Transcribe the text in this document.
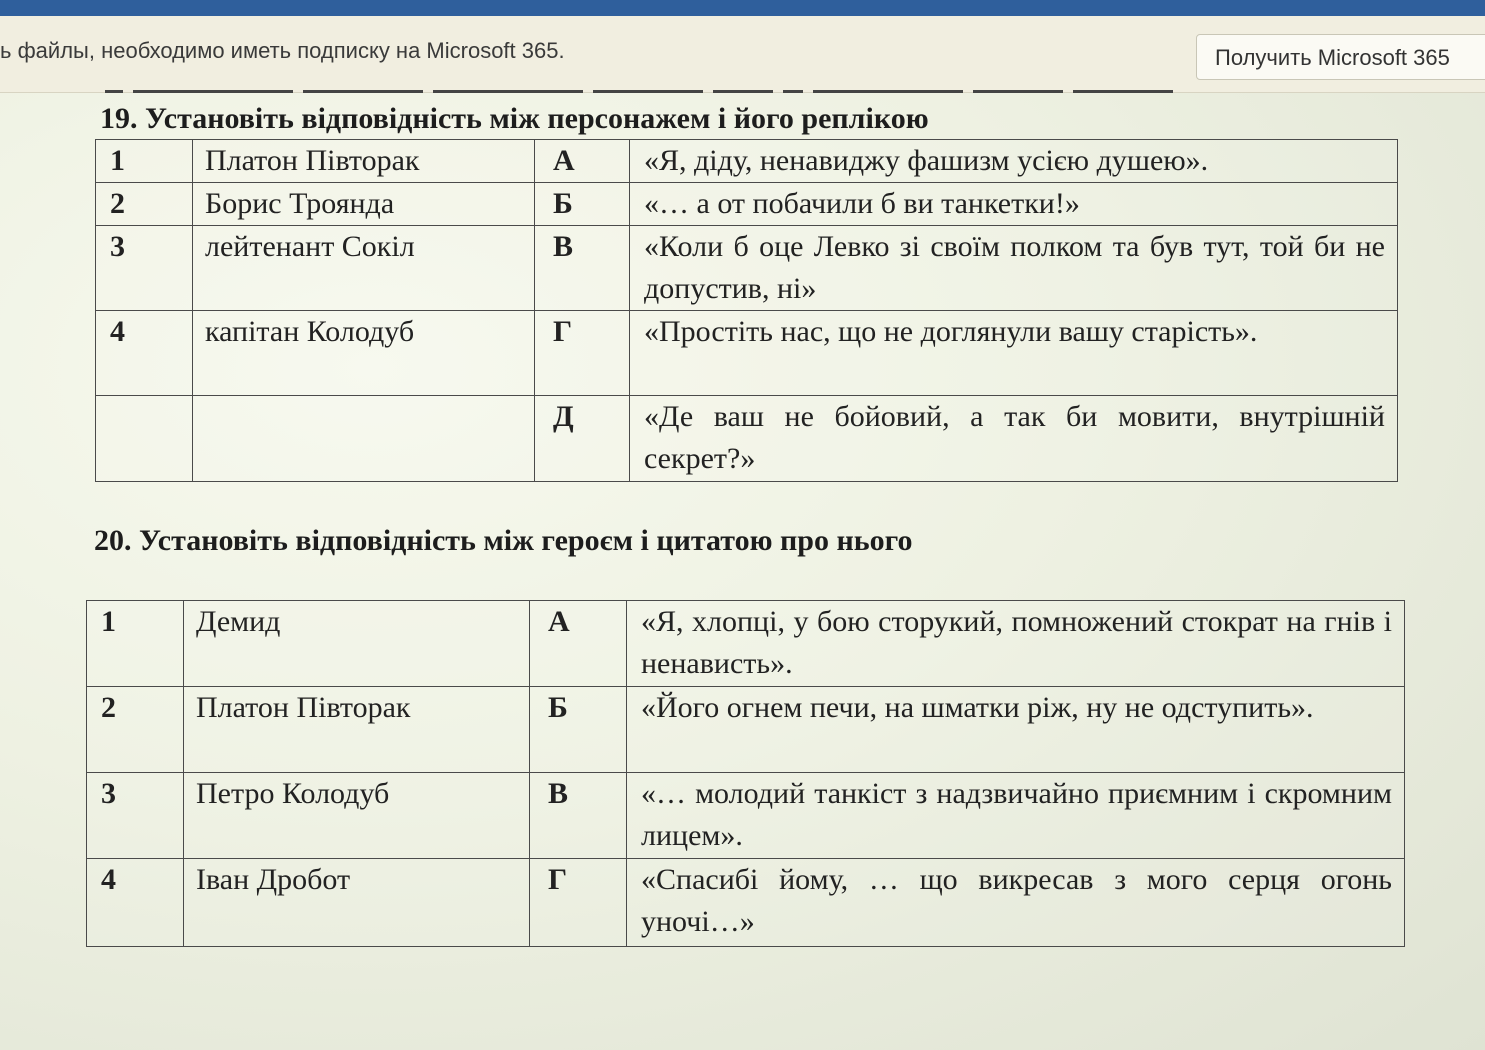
ь файлы, необходимо иметь подписку на Microsoft 365.	Получить Microsoft 365
19. Установіть відповідність між персонажем і його реплікою
1	Платон Півторак	А	«Я, діду, ненавиджу фашизм усією душею».
2	Борис Троянда	Б	«… а от побачили б ви танкетки!»
3	лейтенант Сокіл	В	«Коли б оце Левко зі своїм полком та був тут, той би не допустив, ні»
4	капітан Колодуб	Г	«Простіть нас, що не доглянули вашу старість».
		Д	«Де ваш не бойовий, а так би мовити, внутрішній секрет?»
20. Установіть відповідність між героєм і цитатою про нього
1	Демид	А	«Я, хлопці, у бою сторукий, помножений стократ на гнів і ненависть».
2	Платон Півторак	Б	«Його огнем печи, на шматки ріж, ну не одступить».
3	Петро Колодуб	В	«… молодий танкіст з надзвичайно приємним і скромним лицем».
4	Іван Дробот	Г	«Спасибі йому, … що викресав з мого серця огонь уночі…»
